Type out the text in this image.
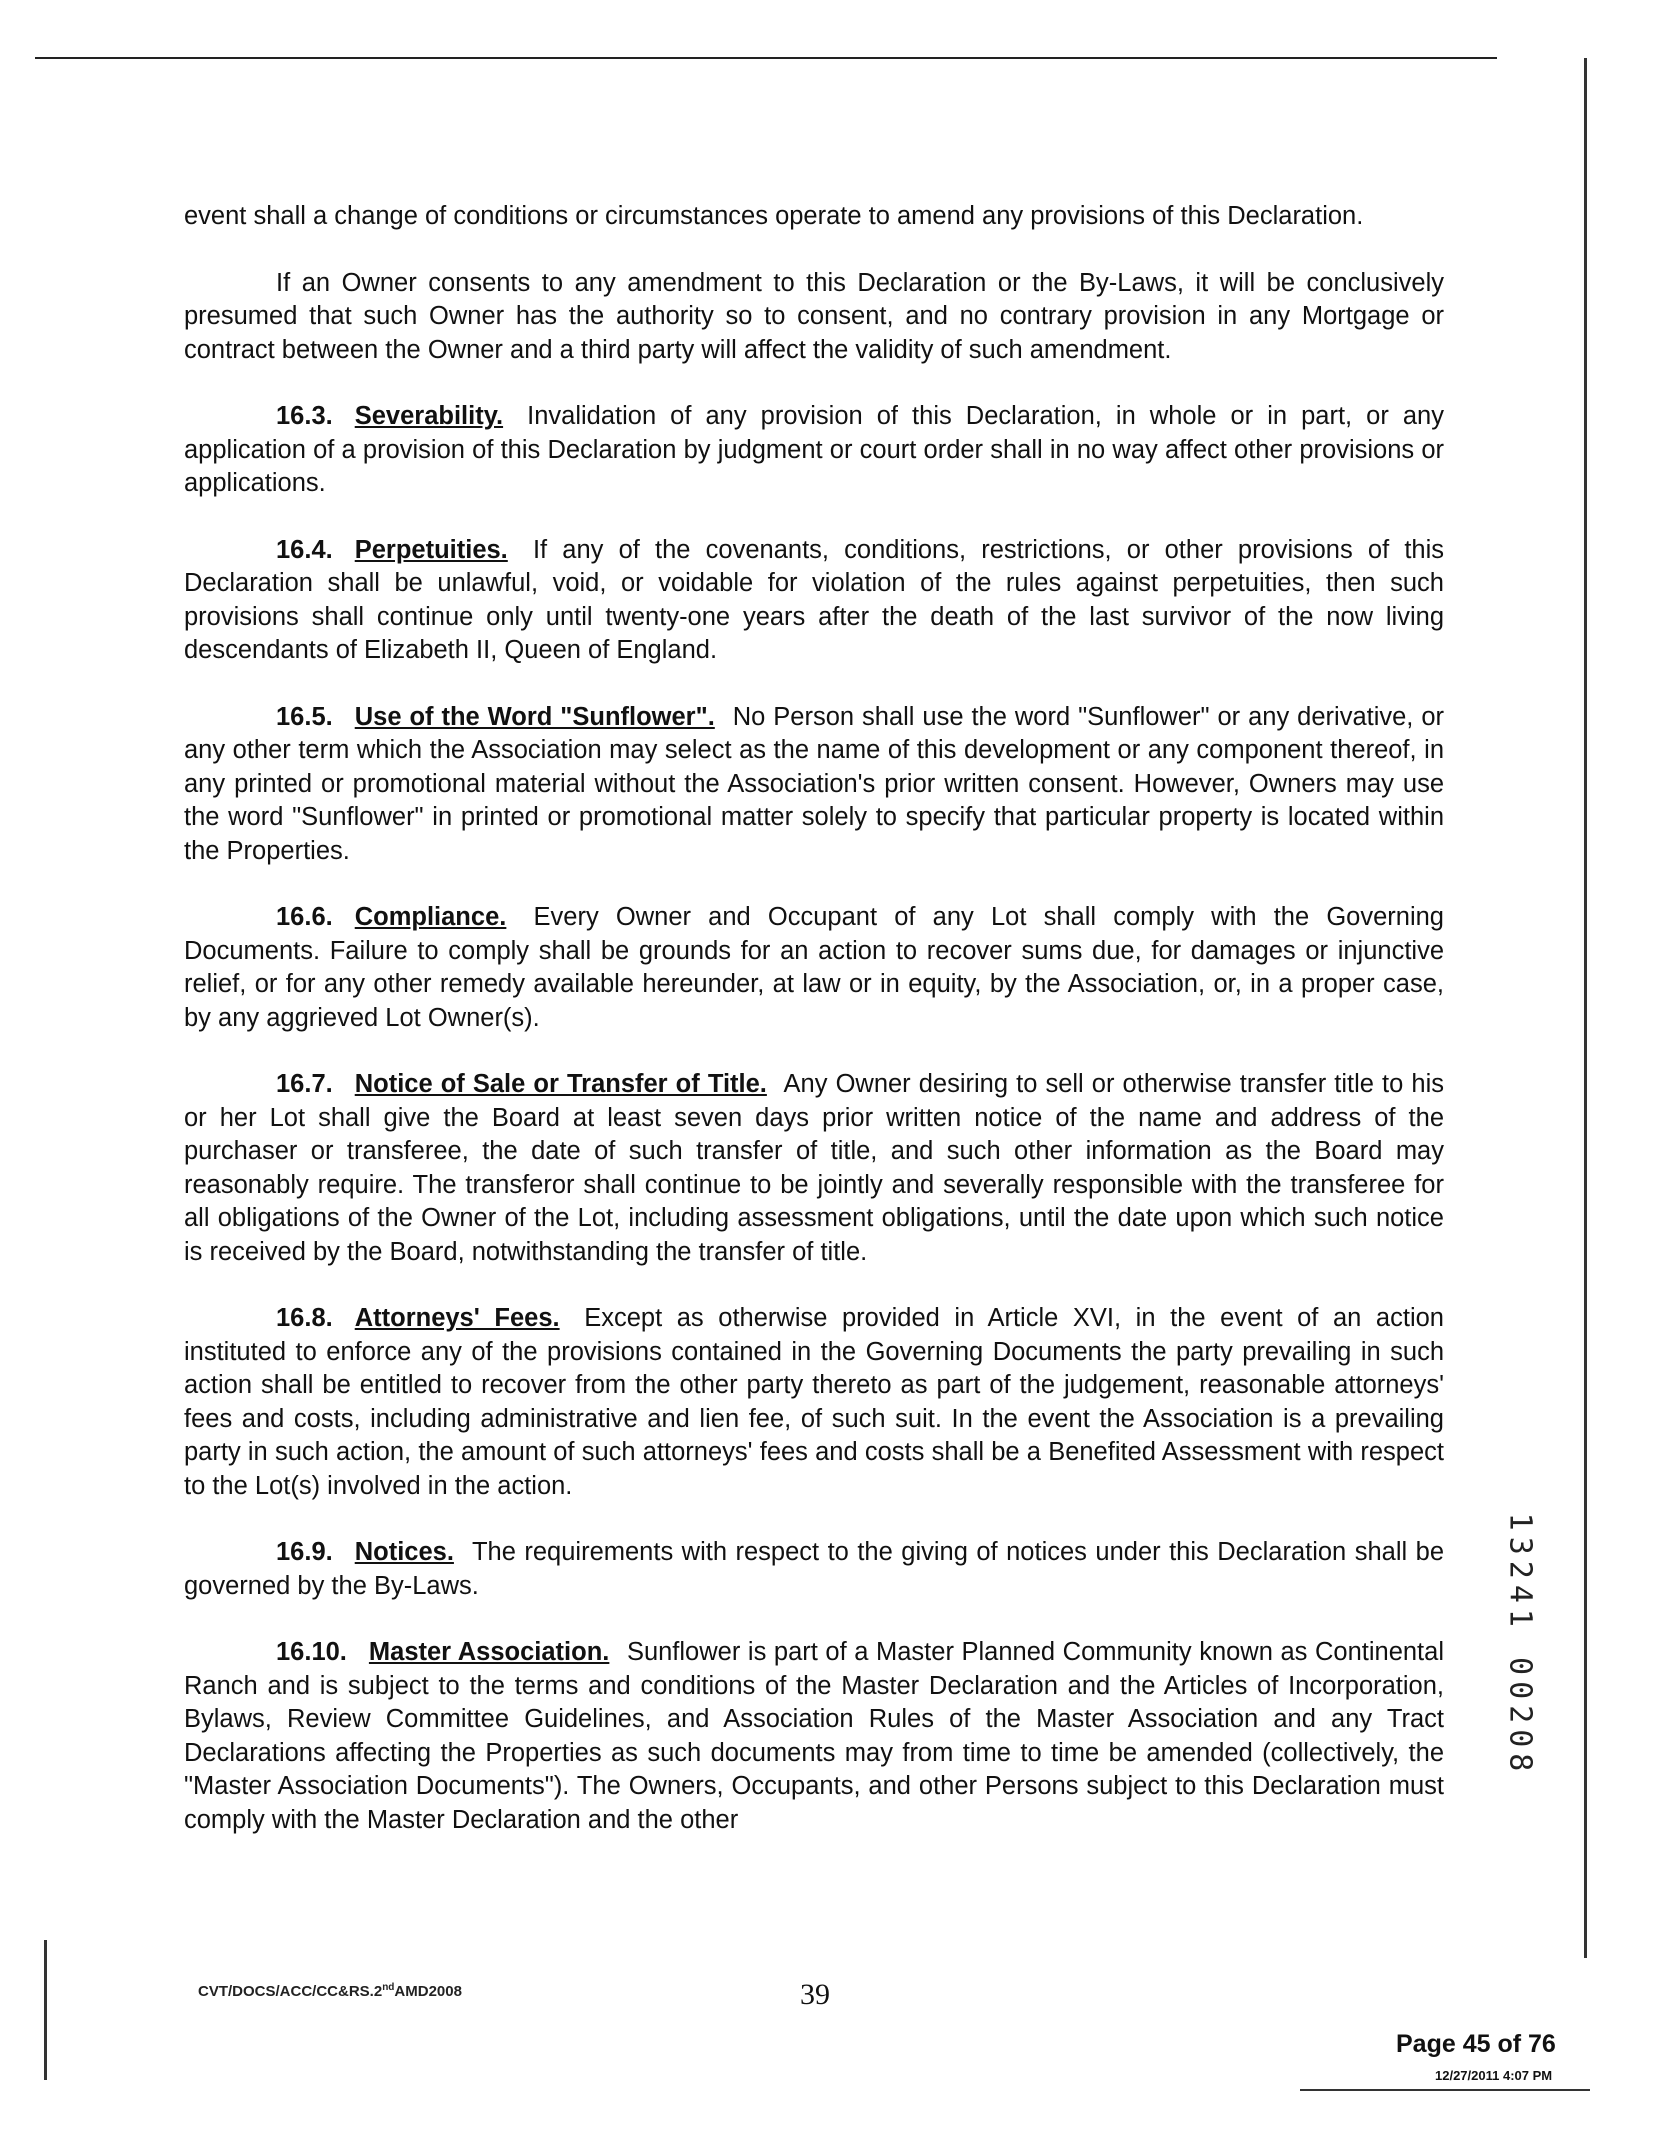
event shall a change of conditions or circumstances operate to amend any provisions of this Declaration.

If an Owner consents to any amendment to this Declaration or the By-Laws, it will be conclusively presumed that such Owner has the authority so to consent, and no contrary provision in any Mortgage or contract between the Owner and a third party will affect the validity of such amendment.

16.3. Severability. Invalidation of any provision of this Declaration, in whole or in part, or any application of a provision of this Declaration by judgment or court order shall in no way affect other provisions or applications.

16.4. Perpetuities. If any of the covenants, conditions, restrictions, or other provisions of this Declaration shall be unlawful, void, or voidable for violation of the rules against perpetuities, then such provisions shall continue only until twenty-one years after the death of the last survivor of the now living descendants of Elizabeth II, Queen of England.

16.5. Use of the Word "Sunflower". No Person shall use the word "Sunflower" or any derivative, or any other term which the Association may select as the name of this development or any component thereof, in any printed or promotional material without the Association's prior written consent. However, Owners may use the word "Sunflower" in printed or promotional matter solely to specify that particular property is located within the Properties.

16.6. Compliance. Every Owner and Occupant of any Lot shall comply with the Governing Documents. Failure to comply shall be grounds for an action to recover sums due, for damages or injunctive relief, or for any other remedy available hereunder, at law or in equity, by the Association, or, in a proper case, by any aggrieved Lot Owner(s).

16.7. Notice of Sale or Transfer of Title. Any Owner desiring to sell or otherwise transfer title to his or her Lot shall give the Board at least seven days prior written notice of the name and address of the purchaser or transferee, the date of such transfer of title, and such other information as the Board may reasonably require. The transferor shall continue to be jointly and severally responsible with the transferee for all obligations of the Owner of the Lot, including assessment obligations, until the date upon which such notice is received by the Board, notwithstanding the transfer of title.

16.8. Attorneys' Fees. Except as otherwise provided in Article XVI, in the event of an action instituted to enforce any of the provisions contained in the Governing Documents the party prevailing in such action shall be entitled to recover from the other party thereto as part of the judgement, reasonable attorneys' fees and costs, including administrative and lien fee, of such suit. In the event the Association is a prevailing party in such action, the amount of such attorneys' fees and costs shall be a Benefited Assessment with respect to the Lot(s) involved in the action.

16.9. Notices. The requirements with respect to the giving of notices under this Declaration shall be governed by the By-Laws.

16.10. Master Association. Sunflower is part of a Master Planned Community known as Continental Ranch and is subject to the terms and conditions of the Master Declaration and the Articles of Incorporation, Bylaws, Review Committee Guidelines, and Association Rules of the Master Association and any Tract Declarations affecting the Properties as such documents may from time to time be amended (collectively, the "Master Association Documents"). The Owners, Occupants, and other Persons subject to this Declaration must comply with the Master Declaration and the other

13241 00208
CVT/DOCS/ACC/CC&RS.2ndAMD2008	39
Page 45 of 76
12/27/2011 4:07 PM
